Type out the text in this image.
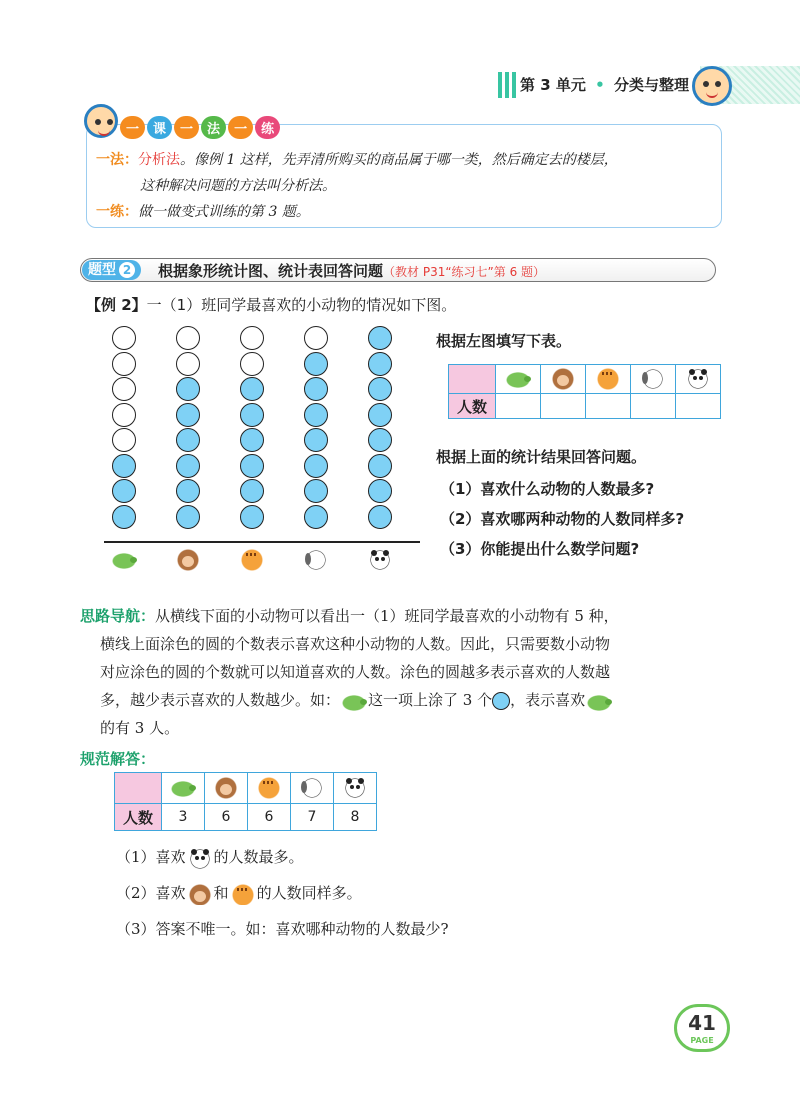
第 3 单元 • 分类与整理
一	课	一	法	一	练
一法：分析法。像例 1 这样，先弄清所购买的商品属于哪一类，然后确定去的楼层，
这种解决问题的方法叫分析法。
一练：做一做变式训练的第 3 题。
题型 2	根据象形统计图、统计表回答问题（教材 P31“练习七”第 6 题）
【例 2】一（1）班同学最喜欢的小动物的情况如下图。
根据左图填写下表。

人数					
根据上面的统计结果回答问题。
（1）喜欢什么动物的人数最多?
（2）喜欢哪两种动物的人数同样多?
（3）你能提出什么数学问题?
思路导航：从横线下面的小动物可以看出一（1）班同学最喜欢的小动物有 5 种，
横线上面涂色的圆的个数表示喜欢这种小动物的人数。因此，只需要数小动物
对应涂色的圆的个数就可以知道喜欢的人数。涂色的圆越多表示喜欢的人数越
多，越少表示喜欢的人数越少。如： 这一项上涂了 3 个 ，表示喜欢
的有 3 人。
规范解答：

人数	3	6	6	7	8
（1）喜欢 的人数最多。
（2）喜欢 和 的人数同样多。
（3）答案不唯一。如：喜欢哪种动物的人数最少?
41
PAGE
